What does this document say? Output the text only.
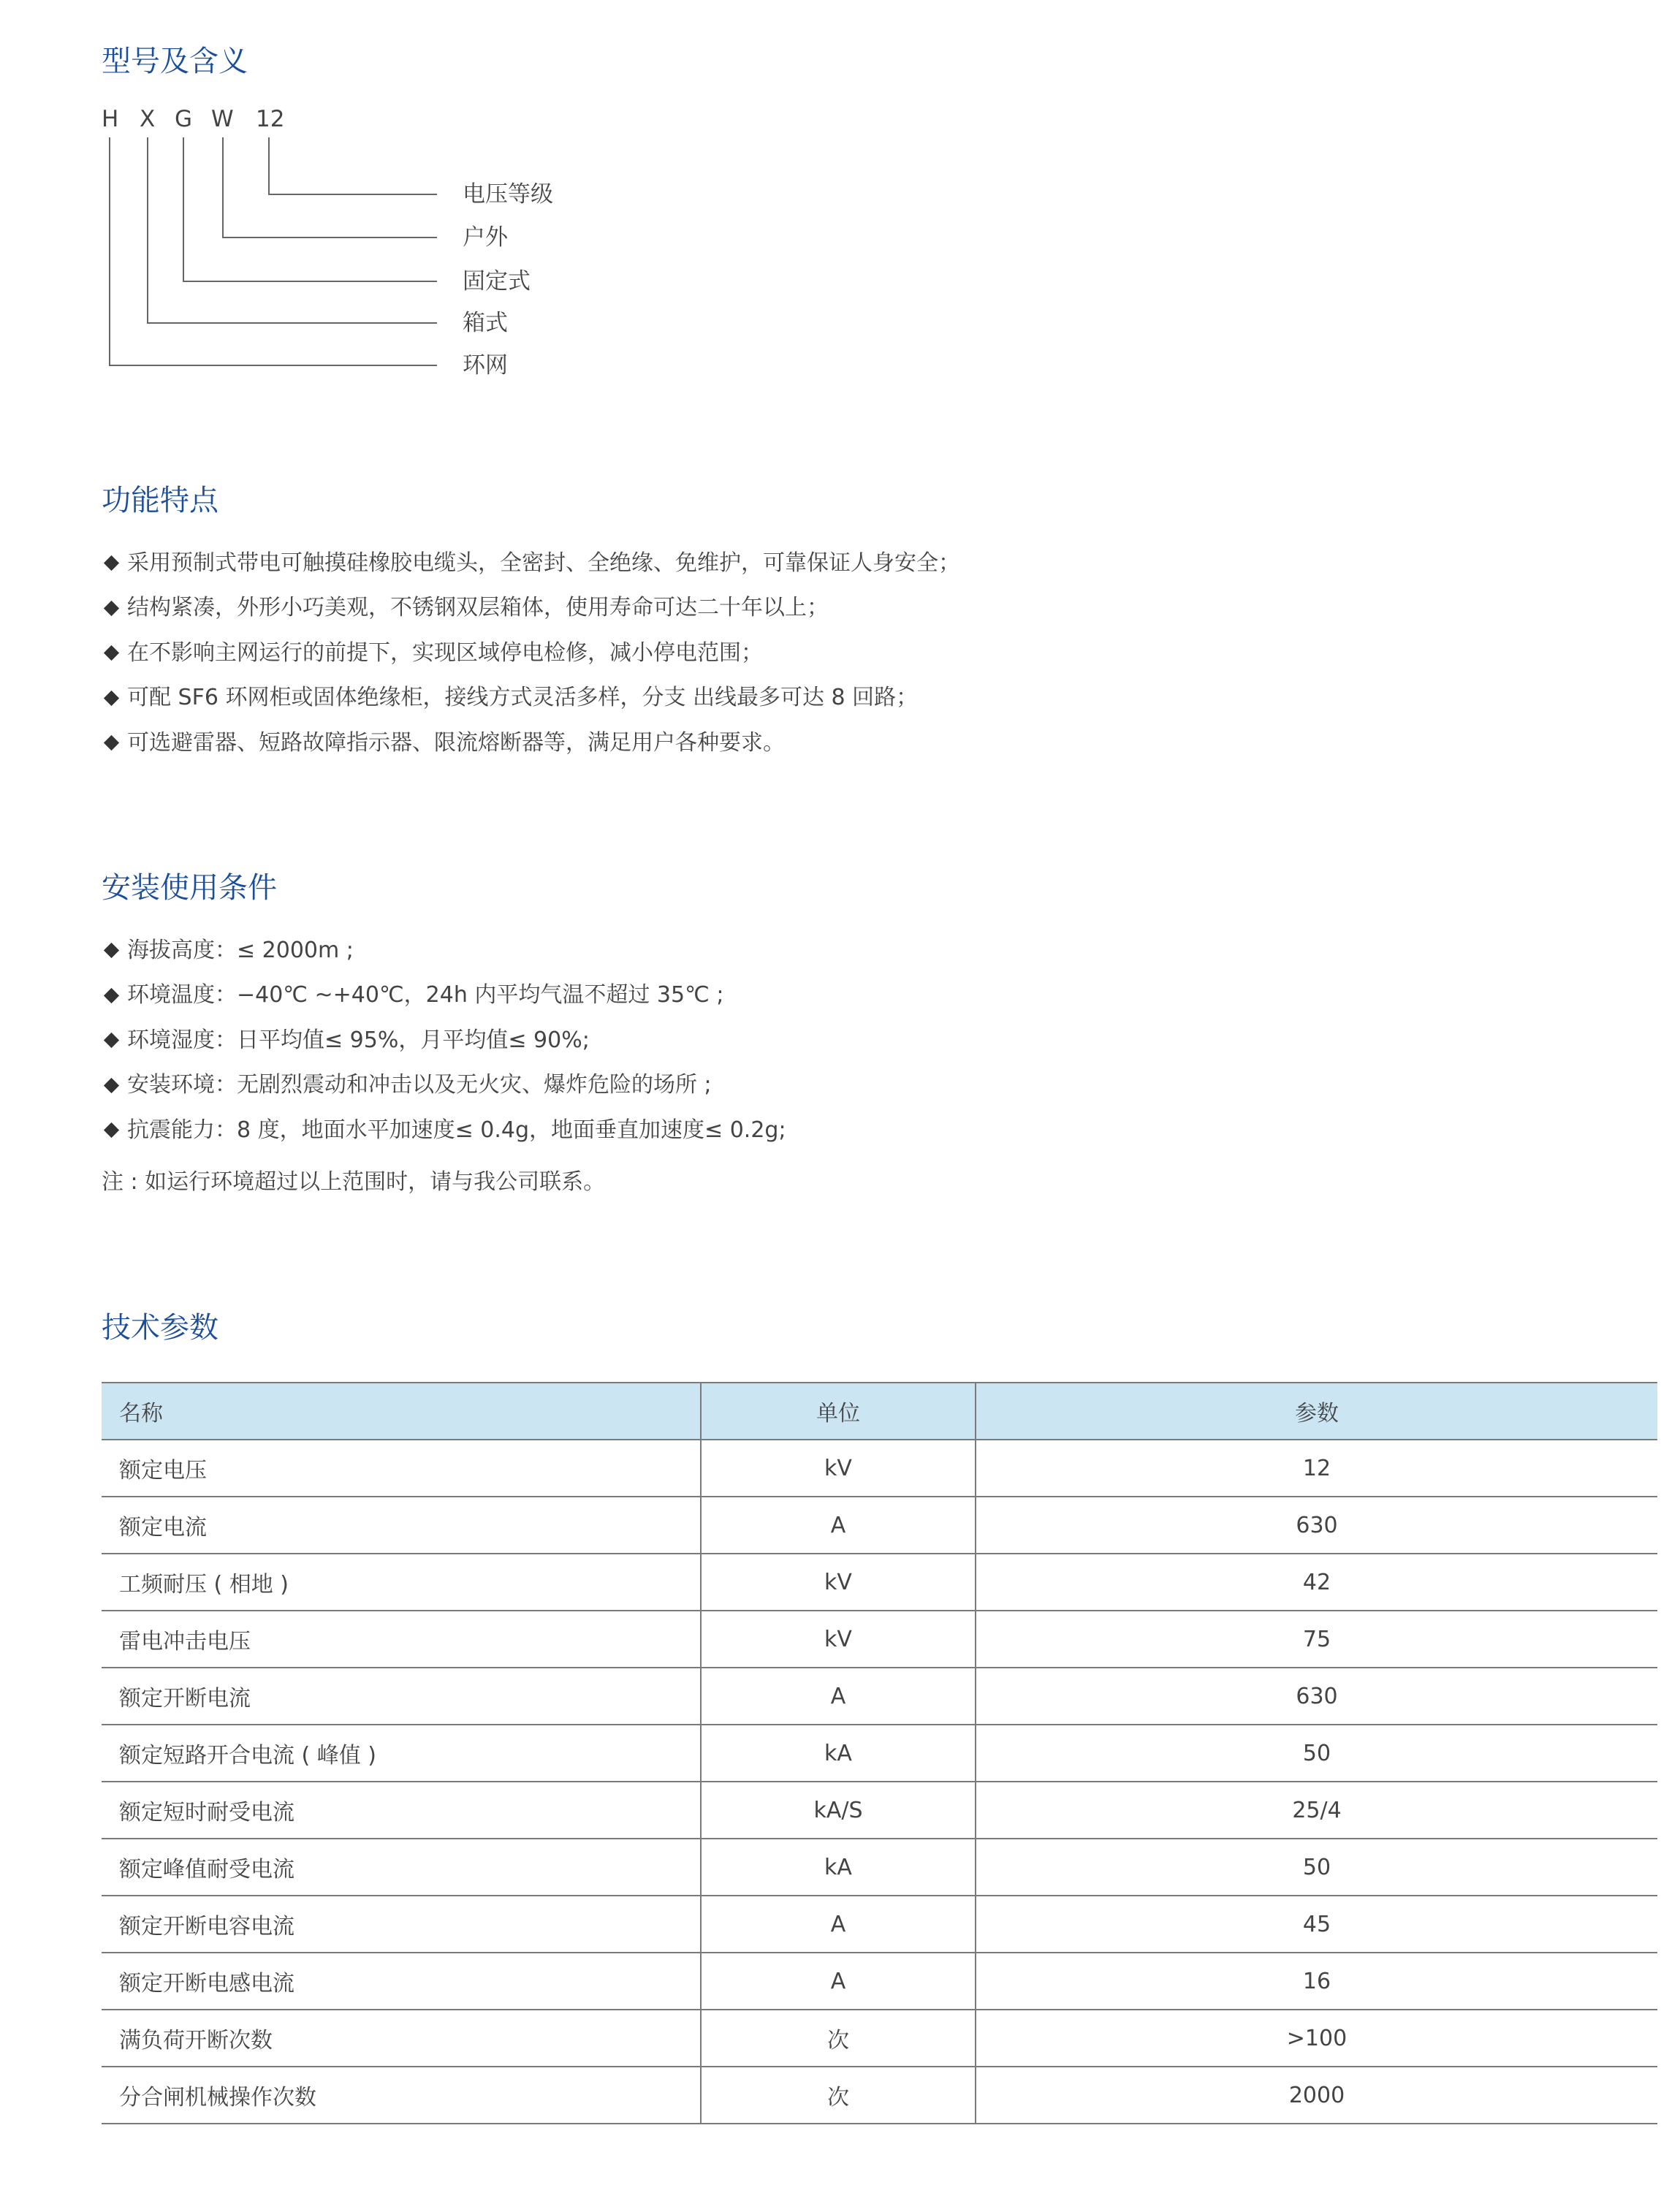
型号及含义
H X G W 12
电压等级
户外
固定式
箱式
环网
功能特点
采用预制式带电可触摸硅橡胶电缆头，全密封、全绝缘、免维护，可靠保证人身安全；
结构紧凑，外形小巧美观，不锈钢双层箱体，使用寿命可达二十年以上；
在不影响主网运行的前提下，实现区域停电检修，减小停电范围；
可配 SF6 环网柜或固体绝缘柜，接线方式灵活多样，分支 出线最多可达 8 回路；
可选避雷器、短路故障指示器、限流熔断器等，满足用户各种要求。
安装使用条件
海拔高度：≤ 2000m ;
环境温度：−40℃ ~+40℃，24h 内平均气温不超过 35℃ ;
环境湿度：日平均值≤ 95%，月平均值≤ 90%;
安装环境：无剧烈震动和冲击以及无火灾、爆炸危险的场所 ;
抗震能力：8 度，地面水平加速度≤ 0.4g，地面垂直加速度≤ 0.2g;
注 : 如运行环境超过以上范围时，请与我公司联系。
技术参数
名称	单位	参数
额定电压	kV	12
额定电流	A	630
工频耐压 ( 相地 )	kV	42
雷电冲击电压	kV	75
额定开断电流	A	630
额定短路开合电流 ( 峰值 )	kA	50
额定短时耐受电流	kA/S	25/4
额定峰值耐受电流	kA	50
额定开断电容电流	A	45
额定开断电感电流	A	16
满负荷开断次数	次	>100
分合闸机械操作次数	次	2000
